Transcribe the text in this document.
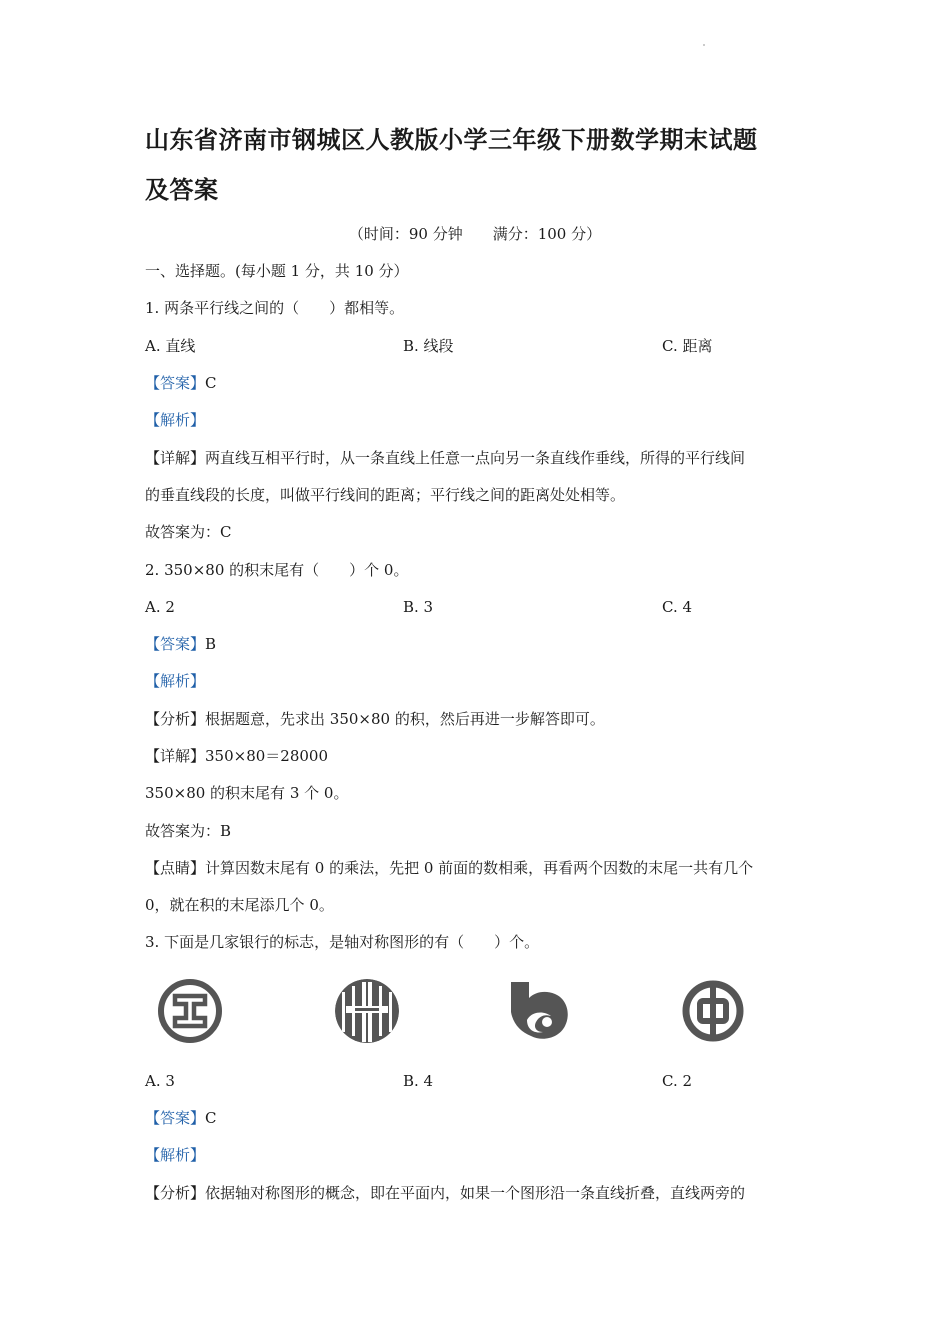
山东省济南市钢城区人教版小学三年级下册数学期末试题
及答案
（时间：90 分钟　　满分：100 分）
一、选择题。(每小题 1 分，共 10 分）
1. 两条平行线之间的（　　）都相等。
A. 直线	B. 线段	C. 距离
【答案】C
【解析】
【详解】两直线互相平行时，从一条直线上任意一点向另一条直线作垂线，所得的平行线间
的垂直线段的长度，叫做平行线间的距离；平行线之间的距离处处相等。
故答案为：C
2. 350×80 的积末尾有（　　）个 0。
A. 2	B. 3	C. 4
【答案】B
【解析】
【分析】根据题意，先求出 350×80 的积，然后再进一步解答即可。
【详解】350×80＝28000
350×80 的积末尾有 3 个 0。
故答案为：B
【点睛】计算因数末尾有 0 的乘法，先把 0 前面的数相乘，再看两个因数的末尾一共有几个
0，就在积的末尾添几个 0。
3. 下面是几家银行的标志，是轴对称图形的有（　　）个。
A. 3	B. 4	C. 2
【答案】C
【解析】
【分析】依据轴对称图形的概念，即在平面内，如果一个图形沿一条直线折叠，直线两旁的
